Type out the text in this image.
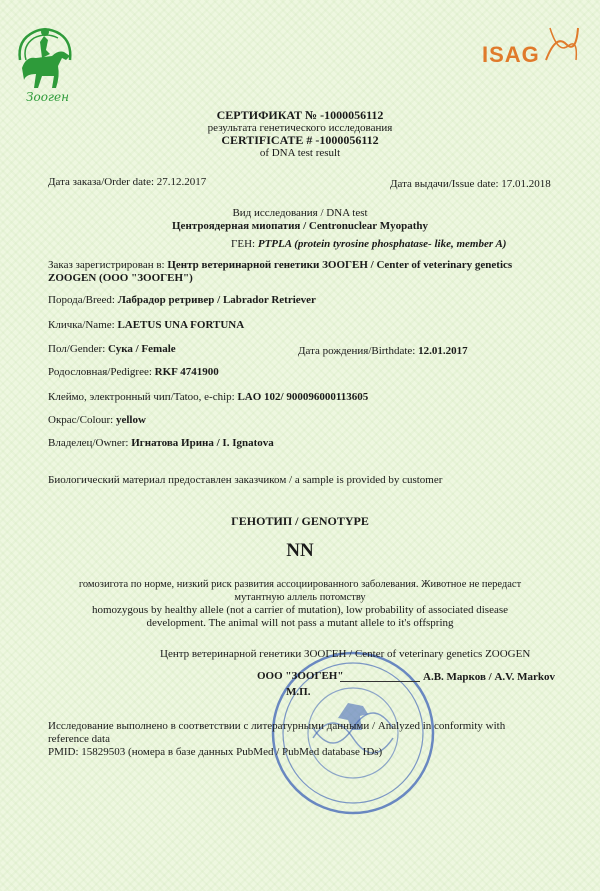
Зооген
ISAG
СЕРТИФИКАТ № -1000056112
результата генетического исследования
CERTIFICATE # -1000056112
of DNA test result
Дата заказа/Order date: 27.12.2017	Дата выдачи/Issue date: 17.01.2018
Вид исследования / DNA test
Центроядерная миопатия / Centronuclear Myopathy
ГЕН: PTPLA (protein tyrosine phosphatase- like, member A)
Заказ зарегистрирован в: Центр ветеринарной генетики ЗООГЕН / Center of veterinary genetics
ZOOGEN (ООО "ЗООГЕН")
Порода/Breed: Лабрадор ретривер / Labrador Retriever
Кличка/Name: LAETUS UNA FORTUNA
Пол/Gender: Сука / Female	Дата рождения/Birthdate: 12.01.2017
Родословная/Pedigree: RKF 4741900
Клеймо, электронный чип/Tatoo, e-chip: LAO 102/ 900096000113605
Окрас/Colour: yellow
Владелец/Owner: Игнатова Ирина / I. Ignatova
Биологический материал предоставлен заказчиком / a sample is provided by customer
ГЕНОТИП / GENOTYPE
NN
гомозигота по норме, низкий риск развития ассоциированного заболевания. Животное не передаст
мутантную аллель потомству
homozygous by healthy allele (not a carrier of mutation), low probability of associated disease
development. The animal will not pass a mutant allele to it's offspring
Центр ветеринарной генетики ЗООГЕН / Center of veterinary genetics ZOOGEN
ООО "ЗООГЕН"	А.В. Марков / A.V. Markov
М.П.
Исследование выполнено в соответствии с литературными данными / Analyzed in conformity with
reference data
PMID: 15829503 (номера в базе данных PubMed / PubMed database IDs)
